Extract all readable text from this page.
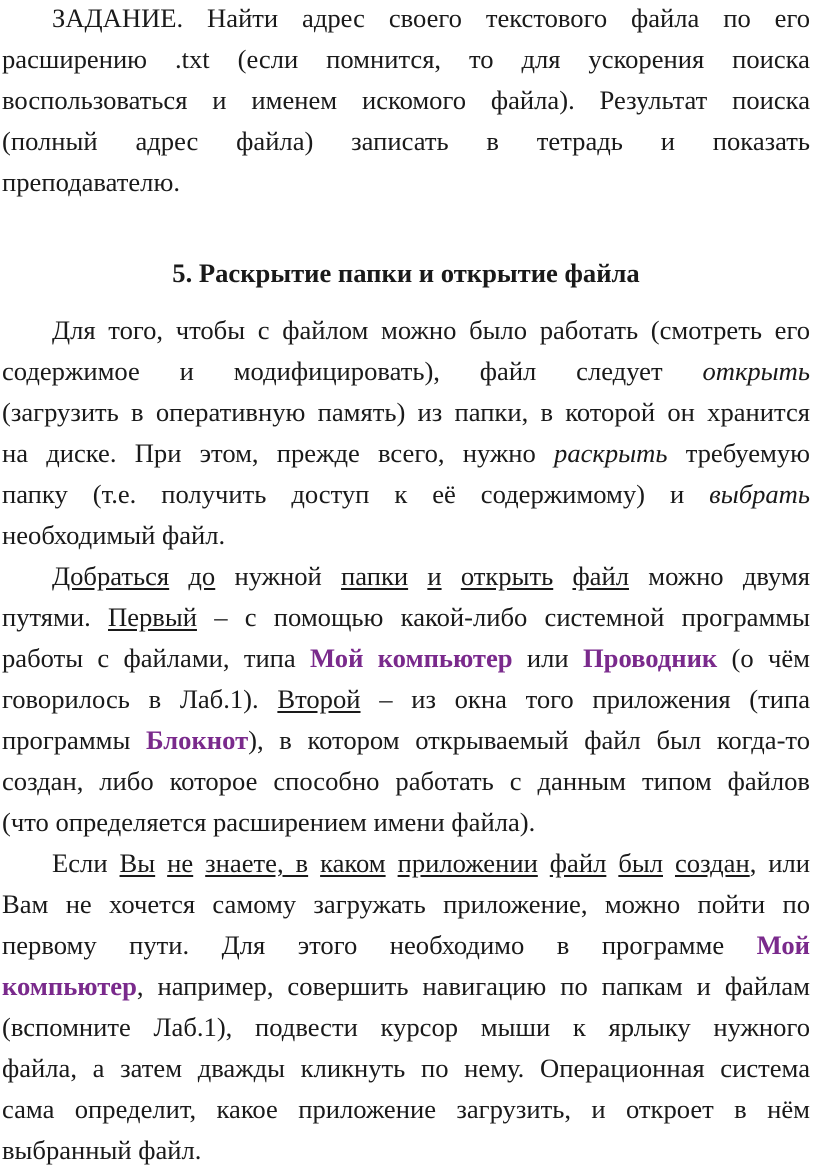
ЗАДАНИЕ. Найти адрес своего текстового файла по его
расширению .txt (если помнится, то для ускорения поиска
воспользоваться и именем искомого файла). Результат поиска
(полный адрес файла) записать в тетрадь и показать
преподавателю.
5. Раскрытие папки и открытие файла
Для того, чтобы с файлом можно было работать (смотреть его
содержимое и модифицировать), файл следует открыть
(загрузить в оперативную память) из папки, в которой он хранится
на диске. При этом, прежде всего, нужно раскрыть требуемую
папку (т.е. получить доступ к её содержимому) и выбрать
необходимый файл.
Добраться до нужной папки и открыть файл можно двумя
путями. Первый – с помощью какой-либо системной программы
работы с файлами, типа Мой компьютер или Проводник (о чём
говорилось в Лаб.1). Второй – из окна того приложения (типа
программы Блокнот), в котором открываемый файл был когда-то
создан, либо которое способно работать с данным типом файлов
(что определяется расширением имени файла).
Если Вы не знаете, в каком приложении файл был создан, или
Вам не хочется самому загружать приложение, можно пойти по
первому пути. Для этого необходимо в программе Мой
компьютер, например, совершить навигацию по папкам и файлам
(вспомните Лаб.1), подвести курсор мыши к ярлыку нужного
файла, а затем дважды кликнуть по нему. Операционная система
сама определит, какое приложение загрузить, и откроет в нём
выбранный файл.
